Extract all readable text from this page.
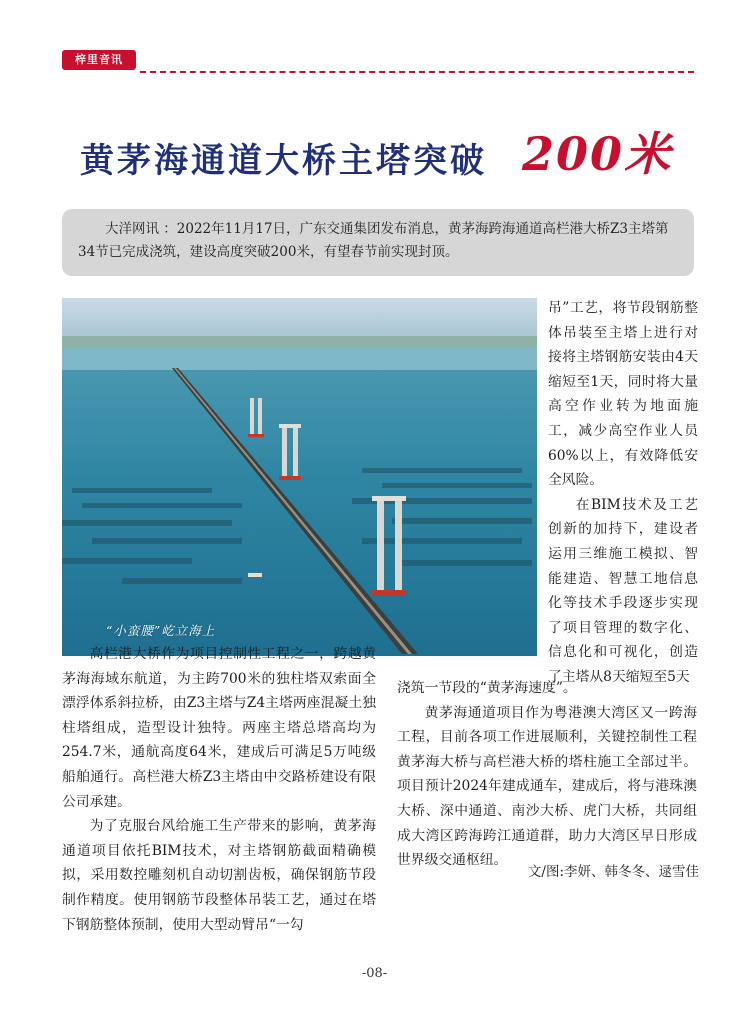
梓里音讯
黄茅海通道大桥主塔突破 200米

大洋网讯 ：2022年11月17日，广东交通集团发布消息，黄茅海跨海通道高栏港大桥Z3主塔第34节已完成浇筑，建设高度突破200米，有望春节前实现封顶。

“小蛮腰”屹立海上

吊”工艺，将节段钢筋整体吊装至主塔上进行对接将主塔钢筋安装由4天缩短至1天，同时将大量高空作业转为地面施工，减少高空作业人员60%以上，有效降低安全风险。

在BIM技术及工艺创新的加持下，建设者运用三维施工模拟、智能建造、智慧工地信息化等技术手段逐步实现了项目管理的数字化、信息化和可视化，创造了主塔从8天缩短至5天

高栏港大桥作为项目控制性工程之一，跨越黄茅海海域东航道，为主跨700米的独柱塔双索面全漂浮体系斜拉桥，由Z3主塔与Z4主塔两座混凝土独柱塔组成，造型设计独特。两座主塔总塔高均为254.7米，通航高度64米，建成后可满足5万吨级船舶通行。高栏港大桥Z3主塔由中交路桥建设有限公司承建。

为了克服台风给施工生产带来的影响，黄茅海通道项目依托BIM技术，对主塔钢筋截面精确模拟，采用数控雕刻机自动切割齿板，确保钢筋节段制作精度。使用钢筋节段整体吊装工艺，通过在塔下钢筋整体预制，使用大型动臂吊“一勾

浇筑一节段的“黄茅海速度”。

黄茅海通道项目作为粤港澳大湾区又一跨海工程，目前各项工作进展顺利，关键控制性工程黄茅海大桥与高栏港大桥的塔柱施工全部过半。项目预计2024年建成通车，建成后，将与港珠澳大桥、深中通道、南沙大桥、虎门大桥，共同组成大湾区跨海跨江通道群，助力大湾区早日形成世界级交通枢纽。

文/图:李妍、韩冬冬、逯雪佳
-08-
